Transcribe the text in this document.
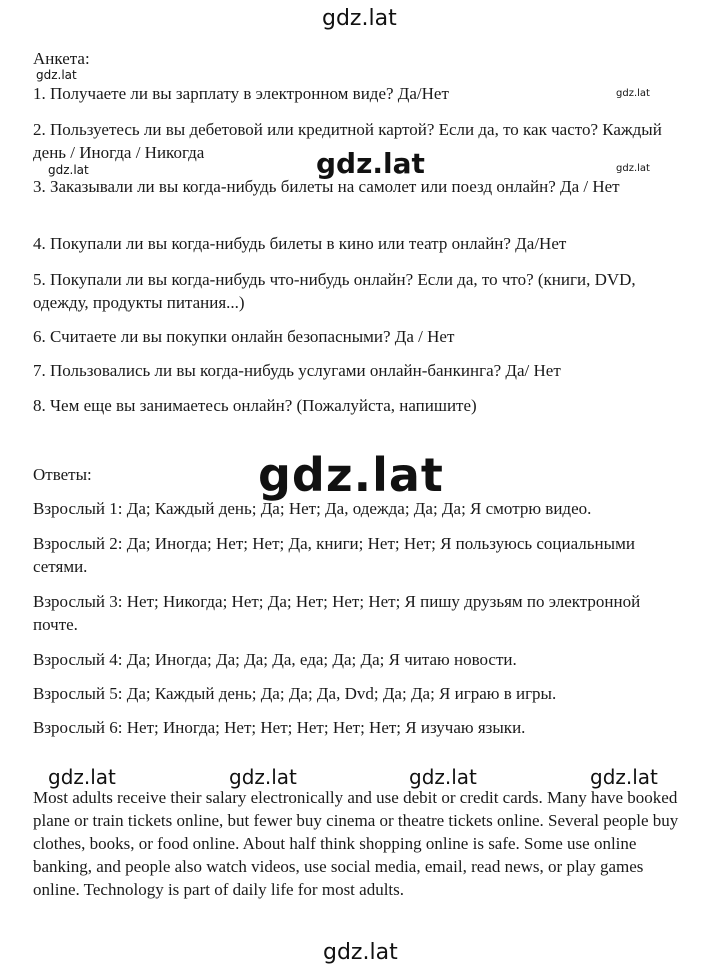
gdz.lat
gdz.lat
gdz.lat
gdz.lat
gdz.lat	gdz.lat
gdz.lat
gdz.lat	gdz.lat	gdz.lat	gdz.lat
gdz.lat

Анкета:

1. Получаете ли вы зарплату в электронном виде? Да/Нет

2. Пользуетесь ли вы дебетовой или кредитной картой? Если да, то как часто? Каждый день / Иногда / Никогда

3. Заказывали ли вы когда-нибудь билеты на самолет или поезд онлайн? Да / Нет

4. Покупали ли вы когда-нибудь билеты в кино или театр онлайн? Да/Нет

5. Покупали ли вы когда-нибудь что-нибудь онлайн? Если да, то что? (книги, DVD, одежду, продукты питания...)

6. Считаете ли вы покупки онлайн безопасными? Да / Нет

7. Пользовались ли вы когда-нибудь услугами онлайн-банкинга? Да/ Нет

8. Чем еще вы занимаетесь онлайн? (Пожалуйста, напишите)

Ответы:

Взрослый 1: Да; Каждый день; Да; Нет; Да, одежда; Да; Да; Я смотрю видео.

Взрослый 2: Да; Иногда; Нет; Нет; Да, книги; Нет; Нет; Я пользуюсь социальными сетями.

Взрослый 3: Нет; Никогда; Нет; Да; Нет; Нет; Нет; Я пишу друзьям по электронной почте.

Взрослый 4: Да; Иногда; Да; Да; Да, еда; Да; Да; Я читаю новости.

Взрослый 5: Да; Каждый день; Да; Да; Да, Dvd; Да; Да; Я играю в игры.

Взрослый 6: Нет; Иногда; Нет; Нет; Нет; Нет; Нет; Я изучаю языки.

Most adults receive their salary electronically and use debit or credit cards. Many have booked plane or train tickets online, but fewer buy cinema or theatre tickets online. Several people buy clothes, books, or food online. About half think shopping online is safe. Some use online banking, and people also watch videos, use social media, email, read news, or play games online. Technology is part of daily life for most adults.
